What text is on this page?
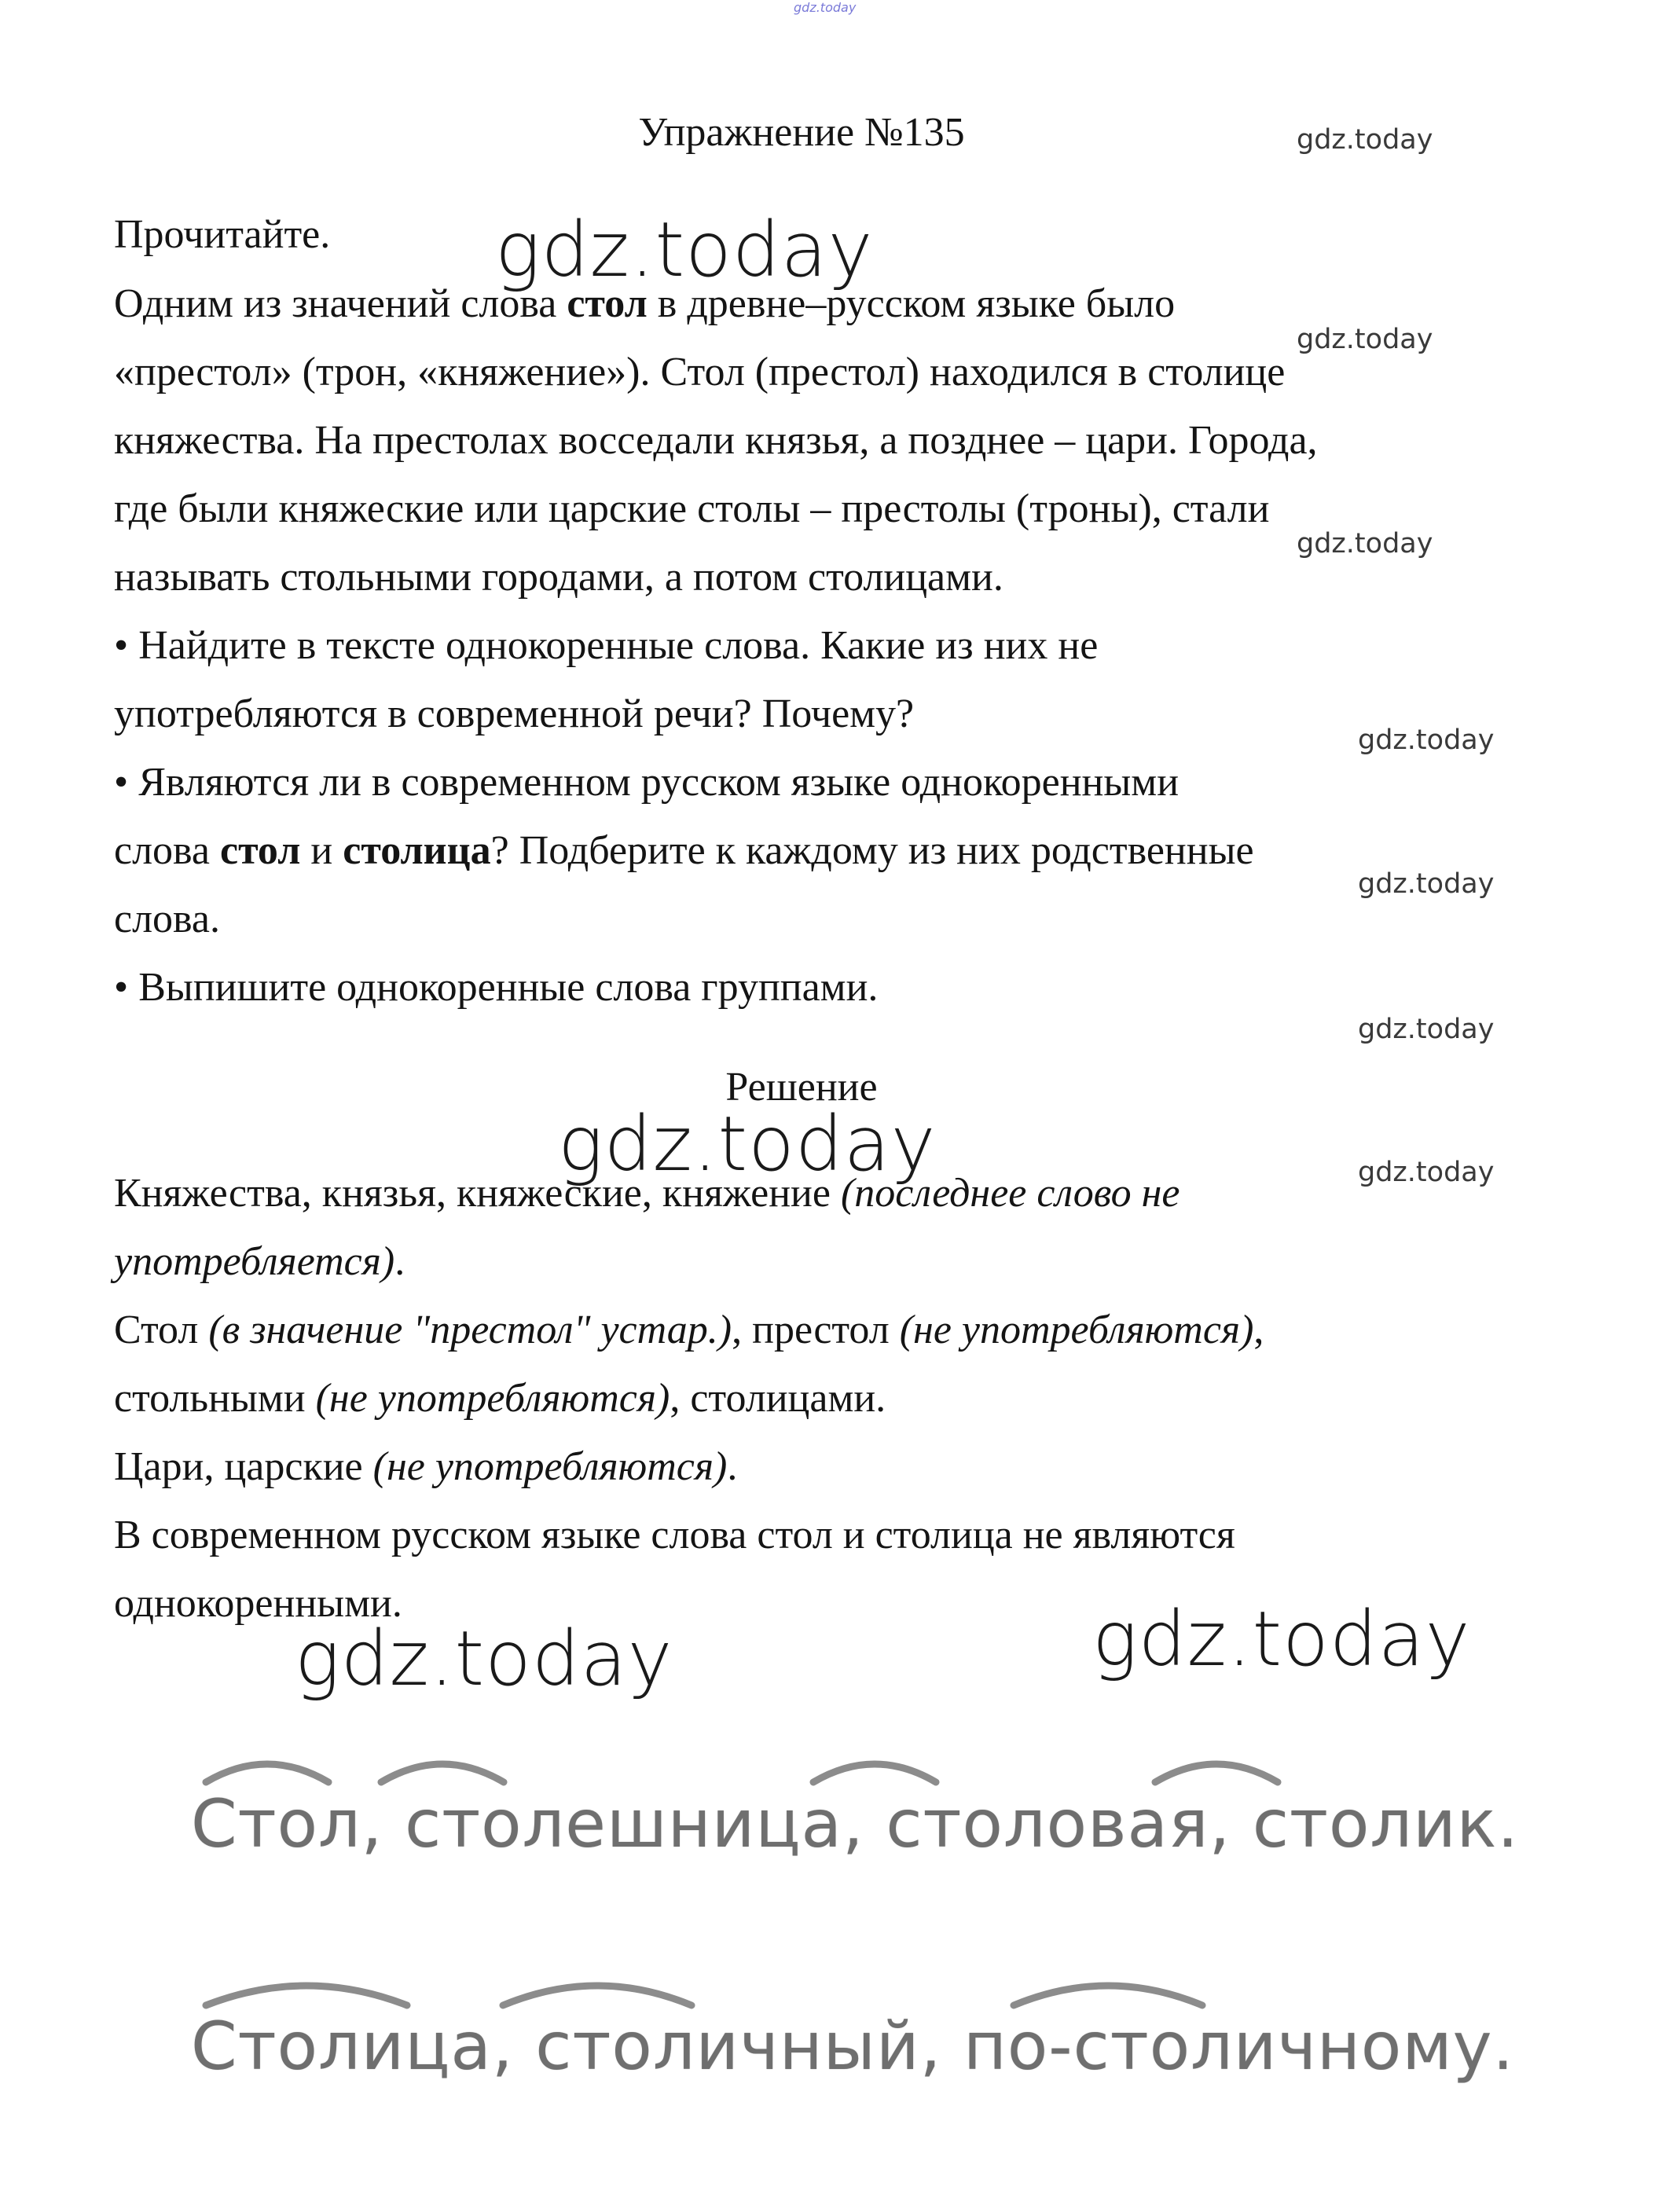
gdz.today
gdz.today
gdz.today
gdz.today
gdz.today
gdz.today
gdz.today
gdz.today
gdz.today	gdz.today
gdz.today	gdz.today
Упражнение №135
Прочитайте.
Одним из значений слова стол в древне–русском языке было
«престол» (трон, «княжение»). Стол (престол) находился в столице
княжества. На престолах восседали князья, а позднее – цари. Города,
где были княжеские или царские столы – престолы (троны), стали
называть стольными городами, а потом столицами.
• Найдите в тексте однокоренные слова. Какие из них не
употребляются в современной речи? Почему?
• Являются ли в современном русском языке однокоренными
слова стол и столица? Подберите к каждому из них родственные
слова.
• Выпишите однокоренные слова группами.
Решение
Княжества, князья, княжеские, княжение (последнее слово не
употребляется).
Стол (в значение "престол" устар.), престол (не употребляются),
стольными (не употребляются), столицами.
Цари, царские (не употребляются).
В современном русском языке слова стол и столица не являются
однокоренными.
Стол, столешница, столовая, столик.
Столица, столичный, по-столичному.
